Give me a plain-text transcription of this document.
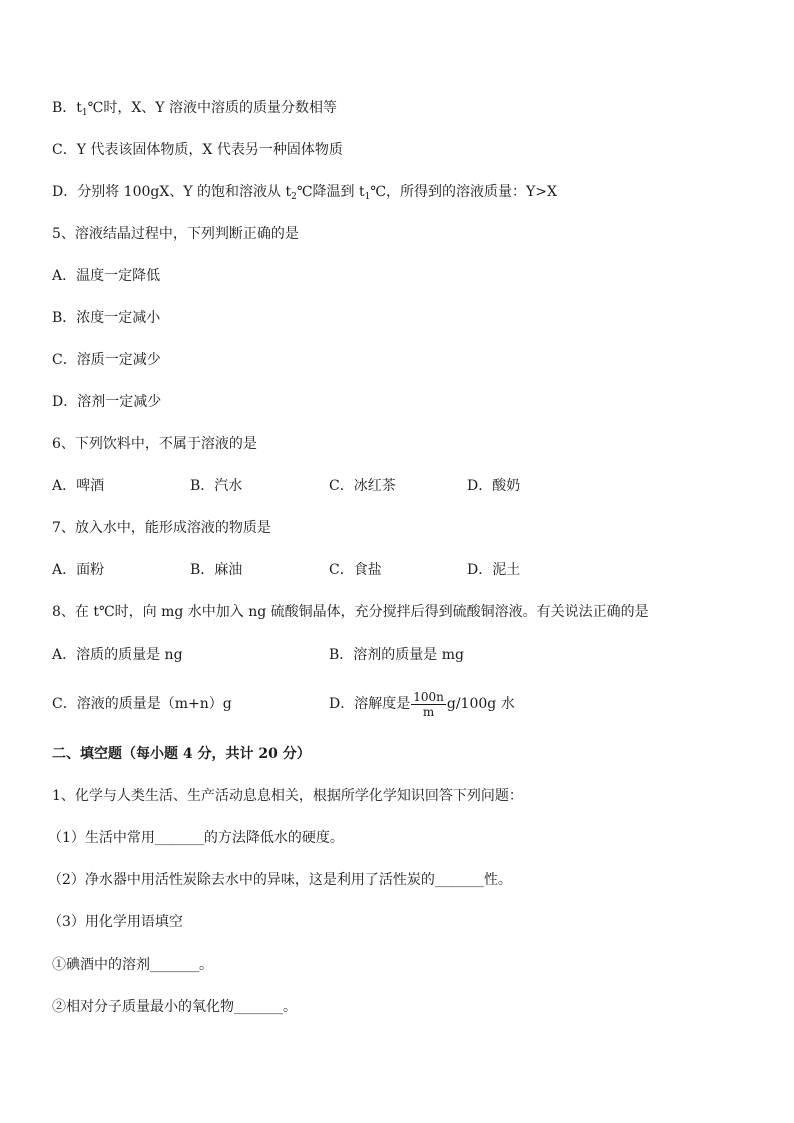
B．$t_1℃$时，X、Y 溶液中溶质的质量分数相等
C．Y 代表该固体物质，X 代表另一种固体物质
D．分别将 100gX、Y 的饱和溶液从 $t_2℃$降温到 $t_1℃$，所得到的溶液质量：Y>X
5、溶液结晶过程中，下列判断正确的是
A．温度一定降低
B．浓度一定减小
C．溶质一定减少
D．溶剂一定减少
6、下列饮料中，不属于溶液的是
A．啤酒	B．汽水	C．冰红茶	D．酸奶
7、放入水中，能形成溶液的物质是
A．面粉	B．麻油	C．食盐	D．泥土
8、在 t℃时，向 mg 水中加入 ng 硫酸铜晶体，充分搅拌后得到硫酸铜溶液。有关说法正确的是
A．溶质的质量是 ng	B．溶剂的质量是 mg
C．溶液的质量是（m+n）g	D．溶解度是 $\frac{100n}{m} g/100g$ 水
二、填空题（每小题 4 分，共计 20 分）
1、化学与人类生活、生产活动息息相关，根据所学化学知识回答下列问题：
（1）生活中常用_______的方法降低水的硬度。
（2）净水器中用活性炭除去水中的异味，这是利用了活性炭的_______性。
（3）用化学用语填空
①碘酒中的溶剂_______。
②相对分子质量最小的氧化物_______。
